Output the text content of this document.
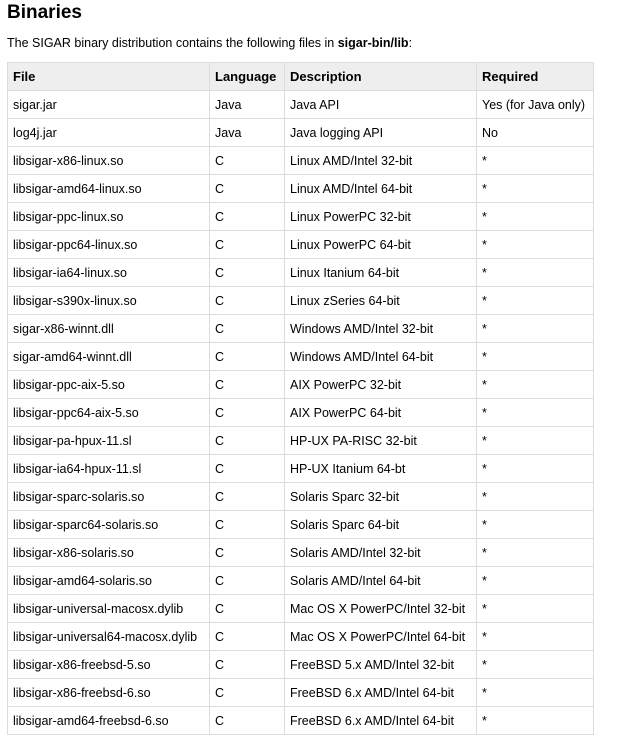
Binaries

The SIGAR binary distribution contains the following files in sigar-bin/lib:

File	Language	Description	Required
sigar.jar	Java	Java API	Yes (for Java only)
log4j.jar	Java	Java logging API	No
libsigar-x86-linux.so	C	Linux AMD/Intel 32-bit	*
libsigar-amd64-linux.so	C	Linux AMD/Intel 64-bit	*
libsigar-ppc-linux.so	C	Linux PowerPC 32-bit	*
libsigar-ppc64-linux.so	C	Linux PowerPC 64-bit	*
libsigar-ia64-linux.so	C	Linux Itanium 64-bit	*
libsigar-s390x-linux.so	C	Linux zSeries 64-bit	*
sigar-x86-winnt.dll	C	Windows AMD/Intel 32-bit	*
sigar-amd64-winnt.dll	C	Windows AMD/Intel 64-bit	*
libsigar-ppc-aix-5.so	C	AIX PowerPC 32-bit	*
libsigar-ppc64-aix-5.so	C	AIX PowerPC 64-bit	*
libsigar-pa-hpux-11.sl	C	HP-UX PA-RISC 32-bit	*
libsigar-ia64-hpux-11.sl	C	HP-UX Itanium 64-bt	*
libsigar-sparc-solaris.so	C	Solaris Sparc 32-bit	*
libsigar-sparc64-solaris.so	C	Solaris Sparc 64-bit	*
libsigar-x86-solaris.so	C	Solaris AMD/Intel 32-bit	*
libsigar-amd64-solaris.so	C	Solaris AMD/Intel 64-bit	*
libsigar-universal-macosx.dylib	C	Mac OS X PowerPC/Intel 32-bit	*
libsigar-universal64-macosx.dylib	C	Mac OS X PowerPC/Intel 64-bit	*
libsigar-x86-freebsd-5.so	C	FreeBSD 5.x AMD/Intel 32-bit	*
libsigar-x86-freebsd-6.so	C	FreeBSD 6.x AMD/Intel 64-bit	*
libsigar-amd64-freebsd-6.so	C	FreeBSD 6.x AMD/Intel 64-bit	*
